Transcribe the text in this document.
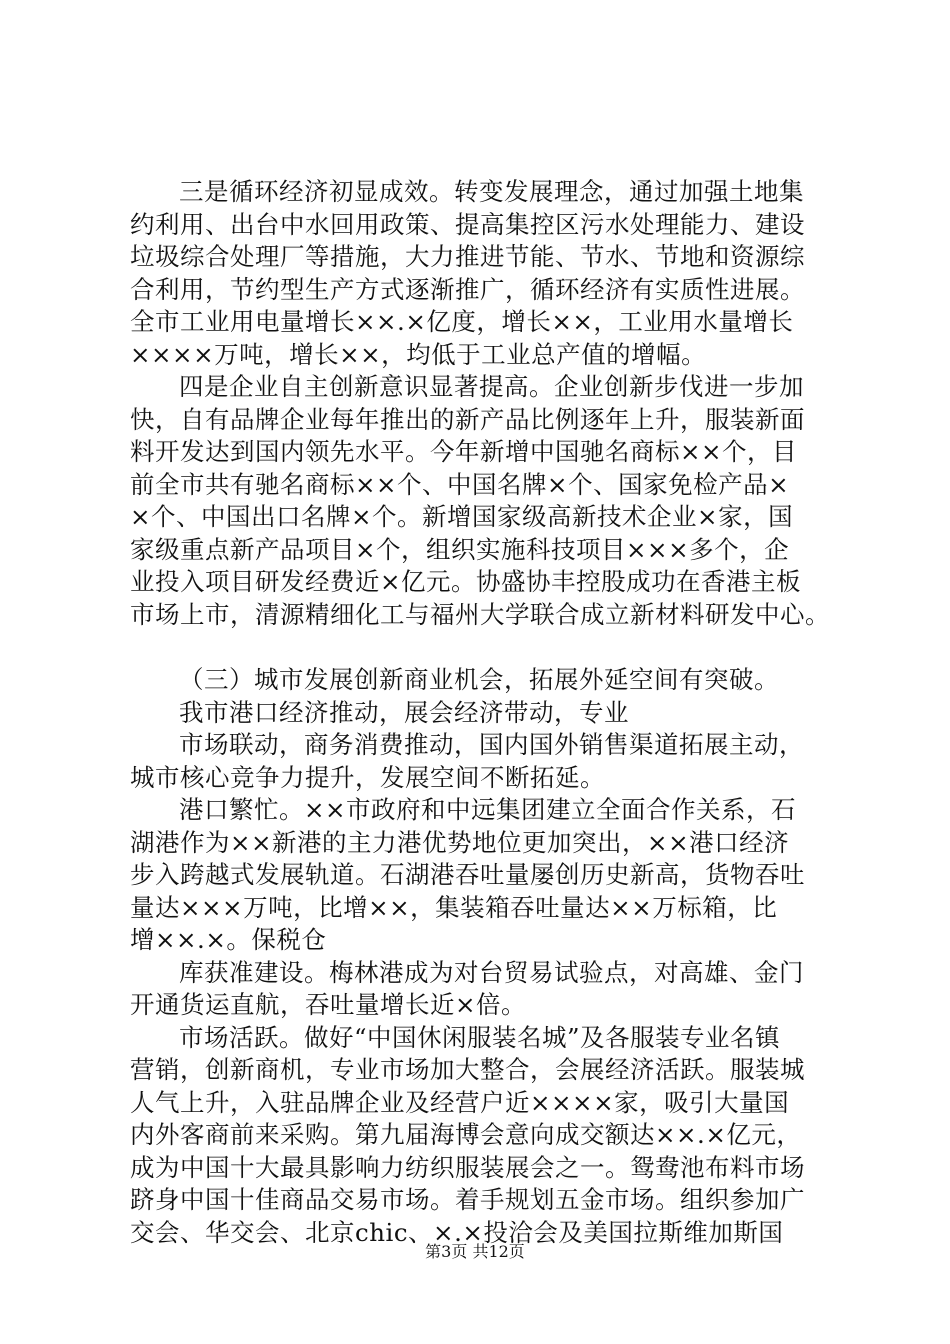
三是循环经济初显成效。转变发展理念，通过加强土地集
约利用、出台中水回用政策、提高集控区污水处理能力、建设
垃圾综合处理厂等措施，大力推进节能、节水、节地和资源综
合利用，节约型生产方式逐渐推广，循环经济有实质性进展。
全市工业用电量增长××.×亿度，增长××，工业用水量增长
××××万吨，增长××，均低于工业总产值的增幅。
四是企业自主创新意识显著提高。企业创新步伐进一步加
快，自有品牌企业每年推出的新产品比例逐年上升，服装新面
料开发达到国内领先水平。今年新增中国驰名商标××个，目
前全市共有驰名商标××个、中国名牌×个、国家免检产品×
×个、中国出口名牌×个。新增国家级高新技术企业×家，国
家级重点新产品项目×个，组织实施科技项目×××多个，企
业投入项目研发经费近×亿元。协盛协丰控股成功在香港主板
市场上市，清源精细化工与福州大学联合成立新材料研发中心。
（三）城市发展创新商业机会，拓展外延空间有突破。
我市港口经济推动，展会经济带动，专业
市场联动，商务消费推动，国内国外销售渠道拓展主动，
城市核心竞争力提升，发展空间不断拓延。
港口繁忙。××市政府和中远集团建立全面合作关系，石
湖港作为××新港的主力港优势地位更加突出，××港口经济
步入跨越式发展轨道。石湖港吞吐量屡创历史新高，货物吞吐
量达×××万吨，比增××，集装箱吞吐量达××万标箱，比
增××.×。保税仓
库获准建设。梅林港成为对台贸易试验点，对高雄、金门
开通货运直航，吞吐量增长近×倍。
市场活跃。做好“中国休闲服装名城”及各服装专业名镇
营销，创新商机，专业市场加大整合，会展经济活跃。服装城
人气上升，入驻品牌企业及经营户近××××家，吸引大量国
内外客商前来采购。第九届海博会意向成交额达××.×亿元，
成为中国十大最具影响力纺织服装展会之一。鸳鸯池布料市场
跻身中国十佳商品交易市场。着手规划五金市场。组织参加广
交会、华交会、北京chic、×.×投洽会及美国拉斯维加斯国
第3页 共12页
